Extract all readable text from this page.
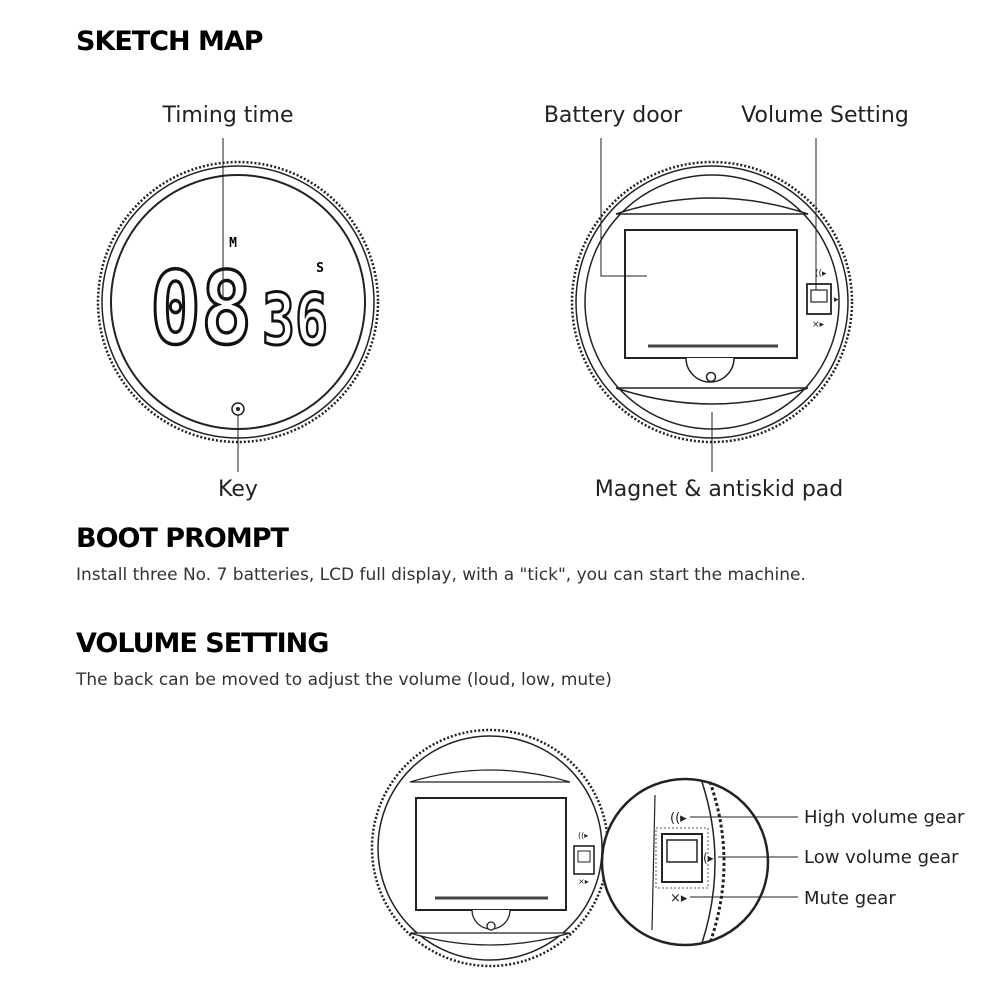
SKETCH MAP
BOOT PROMPT

Install three No. 7 batteries, LCD full display, with a "tick", you can start the machine.

VOLUME SETTING

The back can be moved to adjust the volume (loud, low, mute)

M
S
08 36
Timing time
Key
((▸
▸
×▸
Battery door	Volume Setting
Magnet & antiskid pad
((▸
×▸
((▸
(▸
×▸
High volume gear
Low volume gear
Mute gear
